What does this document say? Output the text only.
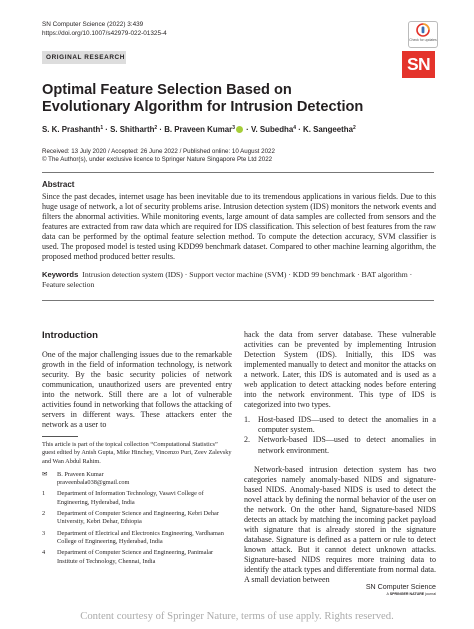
SN Computer Science (2022) 3:439
https://doi.org/10.1007/s42979-022-01325-4
Check for updates
ORIGINAL RESEARCH	SN
Optimal Feature Selection Based on Evolutionary Algorithm for Intrusion Detection
S. K. Prashanth$^1$ · S. Shitharth$^2$ · B. Praveen Kumar$^3$ · V. Subedha$^4$ · K. Sangeetha$^2$
Received: 13 July 2020 / Accepted: 26 June 2022 / Published online: 10 August 2022
© The Author(s), under exclusive licence to Springer Nature Singapore Pte Ltd 2022
Abstract

Since the past decades, internet usage has been inevitable due to its tremendous applications in various fields. Due to this huge usage of network, a lot of security problems arise. Intrusion detection system (IDS) monitors the network events and filters the abnormal activities. While monitoring events, large amount of data samples are collected from sensors and the features are extracted from raw data which are required for IDS classification. This selection of best features from the raw data can be performed by the optimal feature selection method. To compute the detection accuracy, SVM classifier is used. The proposed model is tested using KDD99 benchmark dataset. Compared to other machine learning algorithm, the proposed method produced better results.

Keywords Intrusion detection system (IDS) · Support vector machine (SVM) · KDD 99 benchmark · BAT algorithm · Feature selection
Introduction

One of the major challenging issues due to the remarkable growth in the field of information technology, is network security. By the basic security policies of network communication, unauthorized users are prevented entry into the network. Still there are a lot of vulnerable activities found in networking that follows the attacking of servers in different ways. These attackers enter the network as a user to

hack the data from server database. These vulnerable activities can be prevented by implementing Intrusion Detection System (IDS). Initially, this IDS was implemented manually to detect and monitor the attacks on a network. Later, this IDS is automated and is used as a web application to detect attacking nodes before entering into the network environment. This type of IDS is categorized into two types.

1. Host-based IDS—used to detect the anomalies in a computer system.
2. Network-based IDS—used to detect anomalies in network environment.

Network-based intrusion detection system has two categories namely anomaly-based NIDS and signature-based NIDS. Anomaly-based NIDS is used to detect the novel attack by defining the normal behavior of the user on the network. On the other hand, Signature-based NIDS detects an attack by matching the incoming packet payload with signature that is already stored in the signature database. Signature is defined as a pattern or rule to detect known attack. But it cannot detect unknown attacks. Signature-based NIDS requires more training data to identify the attack types and differentiate from normal data. A small deviation between

This article is part of the topical collection “Computational Statistics” guest edited by Anish Gupta, Mike Hinchey, Vincenzo Puri, Zeev Zalevsky and Wan Abdul Rahim.
✉	B. Praveen Kumar
praveenbala038@gmail.com
1	Department of Information Technology, Vasavi College of Engineering, Hyderabad, India
2	Department of Computer Science and Engineering, Kebri Dehar University, Kebri Dehar, Ethiopia
3	Department of Electrical and Electronics Engineering, Vardhaman College of Engineering, Hyderabad, India
4	Department of Computer Science and Engineering, Panimalar Institute of Technology, Chennai, India
SN Computer Science
A SPRINGER NATURE journal
Content courtesy of Springer Nature, terms of use apply. Rights reserved.
